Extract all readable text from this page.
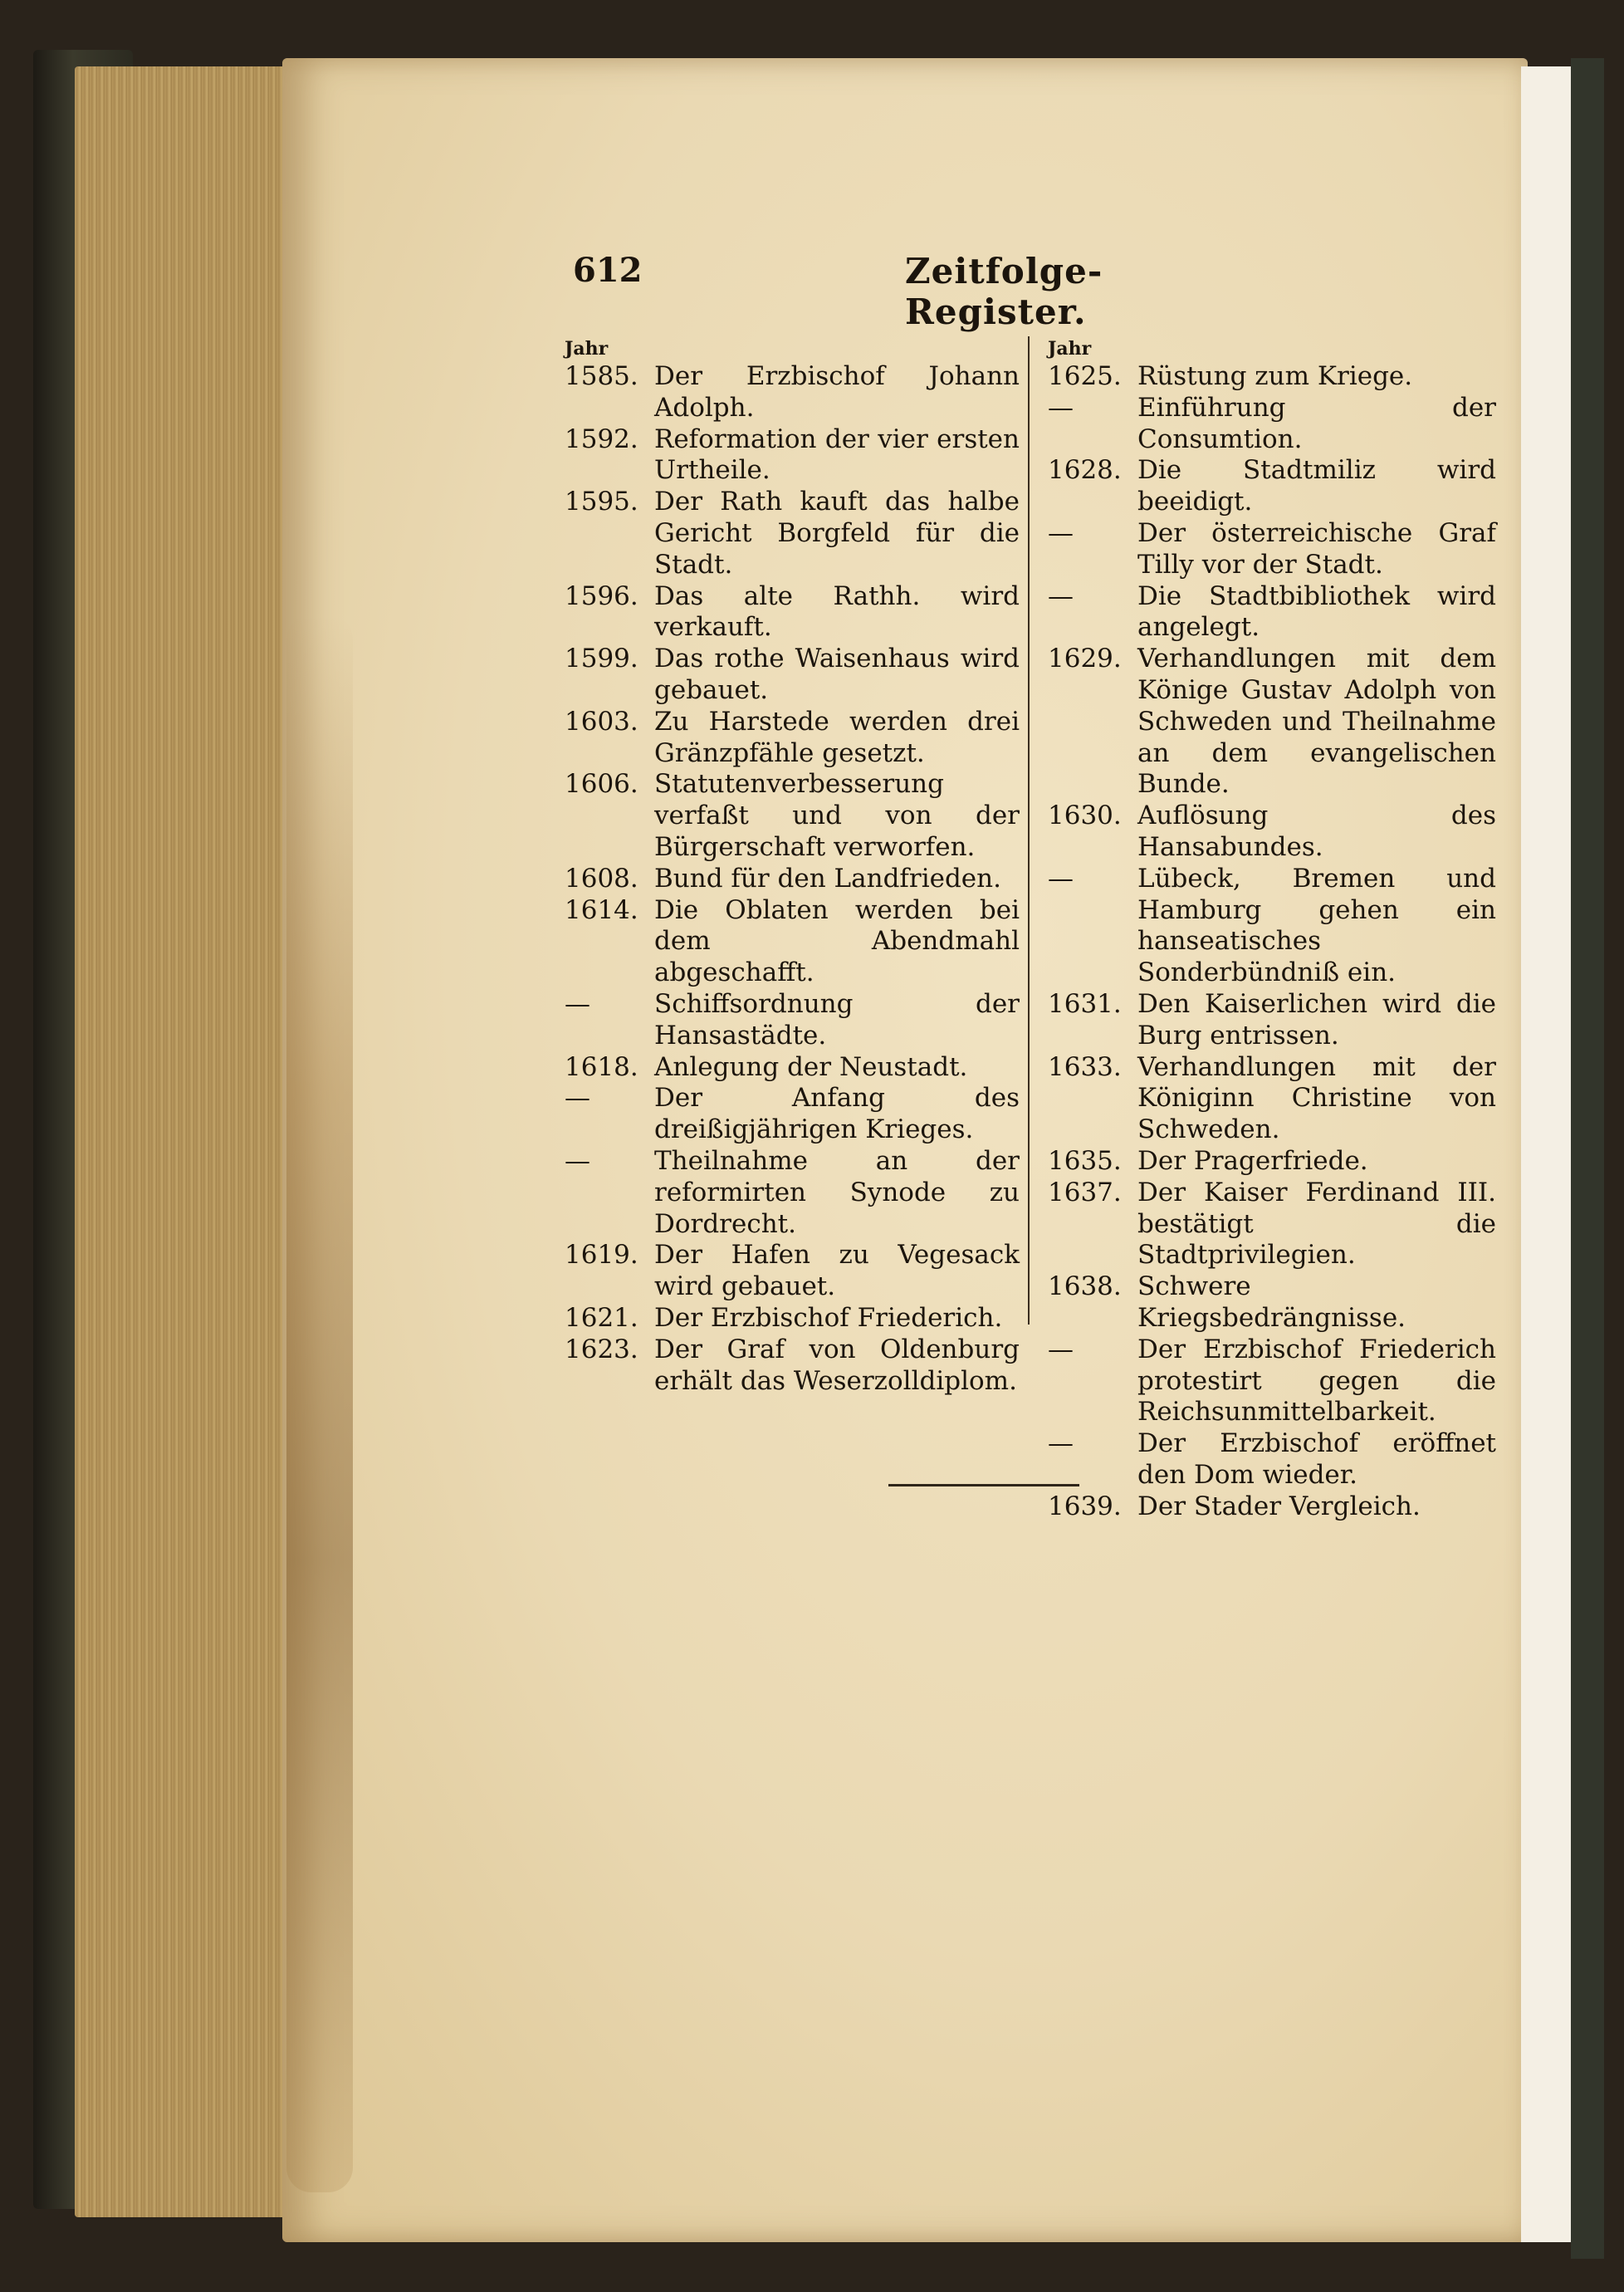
612	Zeitfolge-Register.
Jahr
1585. Der Erzbischof Johann Adolph.
1592. Reformation der vier ersten Urtheile.
1595. Der Rath kauft das halbe Gericht Borgfeld für die Stadt.
1596. Das alte Rathh. wird verkauft.
1599. Das rothe Waisenhaus wird gebauet.
1603. Zu Harstede werden drei Gränzpfähle gesetzt.
1606. Statutenverbesserung verfaßt und von der Bürgerschaft verworfen.
1608. Bund für den Landfrieden.
1614. Die Oblaten werden bei dem Abendmahl abgeschafft.
—	Schiffsordnung der Hansastädte.
1618. Anlegung der Neustadt.
—	Der Anfang des dreißigjährigen Krieges.
—	Theilnahme an der reformirten Synode zu Dordrecht.
1619. Der Hafen zu Vegesack wird gebauet.
1621. Der Erzbischof Friederich.
1623. Der Graf von Oldenburg erhält das Weserzolldiplom.
Jahr
1625. Rüstung zum Kriege.
—	Einführung der Consumtion.
1628. Die Stadtmiliz wird beeidigt.
—	Der österreichische Graf Tilly vor der Stadt.
—	Die Stadtbibliothek wird angelegt.
1629. Verhandlungen mit dem Könige Gustav Adolph von Schweden und Theilnahme an dem evangelischen Bunde.
1630. Auflösung des Hansabundes.
—	Lübeck, Bremen und Hamburg gehen ein hanseatisches Sonderbündniß ein.
1631. Den Kaiserlichen wird die Burg entrissen.
1633. Verhandlungen mit der Königinn Christine von Schweden.
1635. Der Pragerfriede.
1637. Der Kaiser Ferdinand III. bestätigt die Stadtprivilegien.
1638. Schwere Kriegsbedrängnisse.
—	Der Erzbischof Friederich protestirt gegen die Reichsunmittelbarkeit.
—	Der Erzbischof eröffnet den Dom wieder.
1639. Der Stader Vergleich.
